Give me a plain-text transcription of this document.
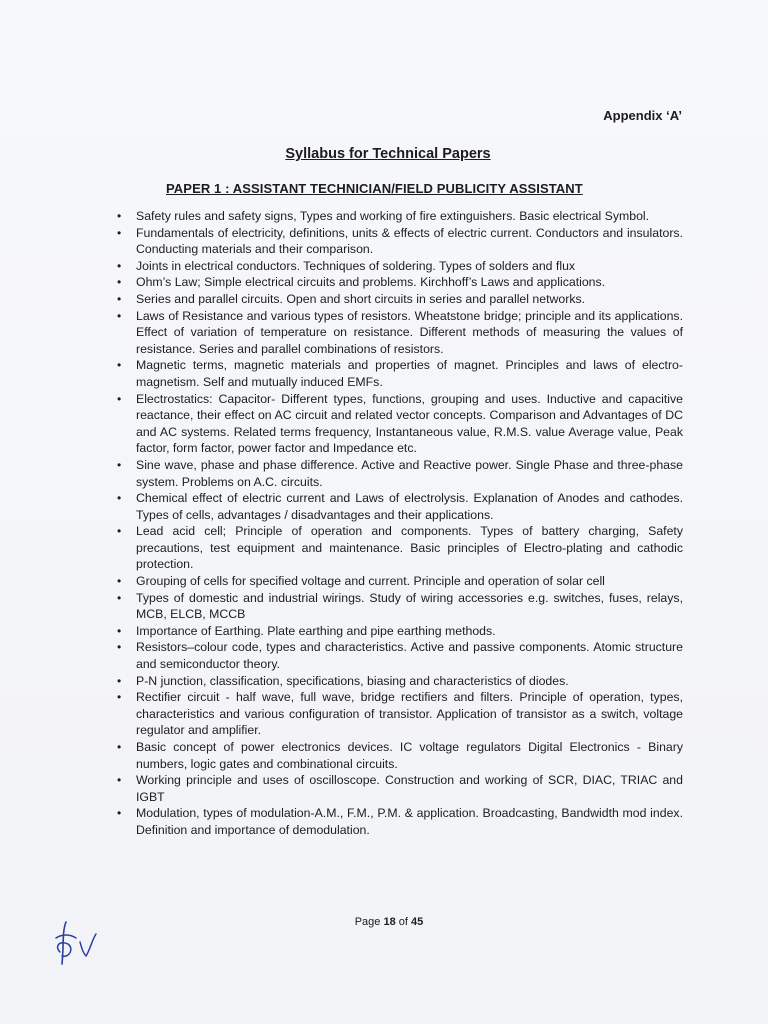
Appendix ‘A’
Syllabus for Technical Papers
PAPER 1 : ASSISTANT TECHNICIAN/FIELD PUBLICITY ASSISTANT
• Safety rules and safety signs, Types and working of fire extinguishers. Basic electrical Symbol.
• Fundamentals of electricity, definitions, units & effects of electric current. Conductors and insulators. Conducting materials and their comparison.
• Joints in electrical conductors. Techniques of soldering. Types of solders and flux
• Ohm’s Law; Simple electrical circuits and problems. Kirchhoff’s Laws and applications.
• Series and parallel circuits. Open and short circuits in series and parallel networks.
• Laws of Resistance and various types of resistors. Wheatstone bridge; principle and its applications. Effect of variation of temperature on resistance. Different methods of measuring the values of resistance. Series and parallel combinations of resistors.
• Magnetic terms, magnetic materials and properties of magnet. Principles and laws of electro-magnetism. Self and mutually induced EMFs.
• Electrostatics: Capacitor- Different types, functions, grouping and uses. Inductive and capacitive reactance, their effect on AC circuit and related vector concepts. Comparison and Advantages of DC and AC systems. Related terms frequency, Instantaneous value, R.M.S. value Average value, Peak factor, form factor, power factor and Impedance etc.
• Sine wave, phase and phase difference. Active and Reactive power. Single Phase and three-phase system. Problems on A.C. circuits.
• Chemical effect of electric current and Laws of electrolysis. Explanation of Anodes and cathodes. Types of cells, advantages / disadvantages and their applications.
• Lead acid cell; Principle of operation and components. Types of battery charging, Safety precautions, test equipment and maintenance. Basic principles of Electro-plating and cathodic protection.
• Grouping of cells for specified voltage and current. Principle and operation of solar cell
• Types of domestic and industrial wirings. Study of wiring accessories e.g. switches, fuses, relays, MCB, ELCB, MCCB
• Importance of Earthing. Plate earthing and pipe earthing methods.
• Resistors–colour code, types and characteristics. Active and passive components. Atomic structure and semiconductor theory.
• P-N junction, classification, specifications, biasing and characteristics of diodes.
• Rectifier circuit - half wave, full wave, bridge rectifiers and filters. Principle of operation, types, characteristics and various configuration of transistor. Application of transistor as a switch, voltage regulator and amplifier.
• Basic concept of power electronics devices. IC voltage regulators Digital Electronics - Binary numbers, logic gates and combinational circuits.
• Working principle and uses of oscilloscope. Construction and working of SCR, DIAC, TRIAC and IGBT
• Modulation, types of modulation-A.M., F.M., P.M. & application. Broadcasting, Bandwidth mod index. Definition and importance of demodulation.
Page 18 of 45
